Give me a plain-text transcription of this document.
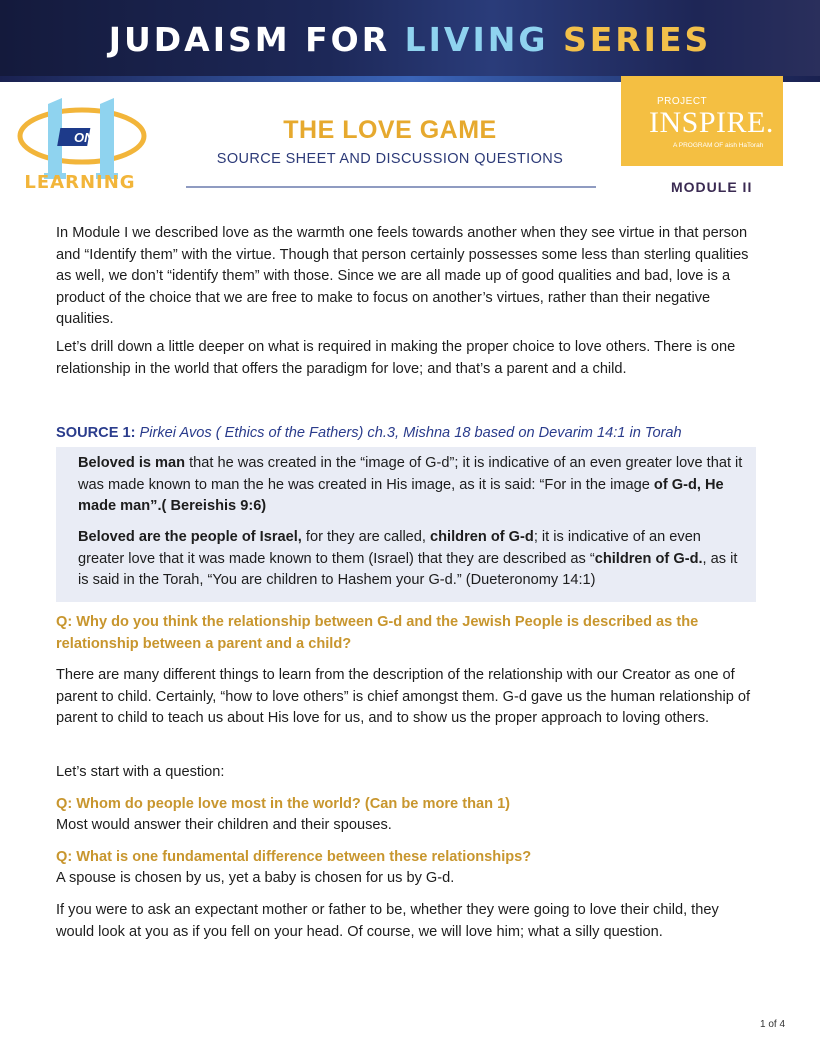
JUDAISM FOR LIVING SERIES
ON
LEARNING
THE LOVE GAME
SOURCE SHEET AND DISCUSSION QUESTIONS
PROJECT
INSPIRE.
A PROGRAM OF aish HaTorah
MODULE II
In Module I we described love as the warmth one feels towards another when they see virtue in that person and “Identify them” with the virtue. Though that person certainly possesses some less than sterling qualities as well, we don’t “identify them” with those. Since we are all made up of good qualities and bad, love is a product of the choice that we are free to make to focus on another’s virtues, rather than their negative qualities.
Let’s drill down a little deeper on what is required in making the proper choice to love others. There is one relationship in the world that offers the paradigm for love; and that’s a parent and a child.
SOURCE 1: Pirkei Avos ( Ethics of the Fathers) ch.3, Mishna 18 based on Devarim 14:1 in Torah
Beloved is man that he was created in the “image of G-d”; it is indicative of an even greater love that it was made known to man the he was created in His image, as it is said: “For in the image of G-d, He made man”.( Bereishis 9:6)
Beloved are the people of Israel, for they are called, children of G-d; it is indicative of an even greater love that it was made known to them (Israel) that they are described as “children of G-d., as it is said in the Torah, “You are children to Hashem your G-d.” (Dueteronomy 14:1)
Q: Why do you think the relationship between G-d and the Jewish People is described as the relationship between a parent and a child?
There are many different things to learn from the description of the relationship with our Creator as one of parent to child. Certainly, “how to love others” is chief amongst them. G-d gave us the human relationship of parent to child to teach us about His love for us, and to show us the proper approach to loving others.
Let’s start with a question:
Q: Whom do people love most in the world? (Can be more than 1)
Most would answer their children and their spouses.
Q: What is one fundamental difference between these relationships?
A spouse is chosen by us, yet a baby is chosen for us by G-d.
If you were to ask an expectant mother or father to be, whether they were going to love their child, they would look at you as if you fell on your head. Of course, we will love him; what a silly question.
1 of 4
